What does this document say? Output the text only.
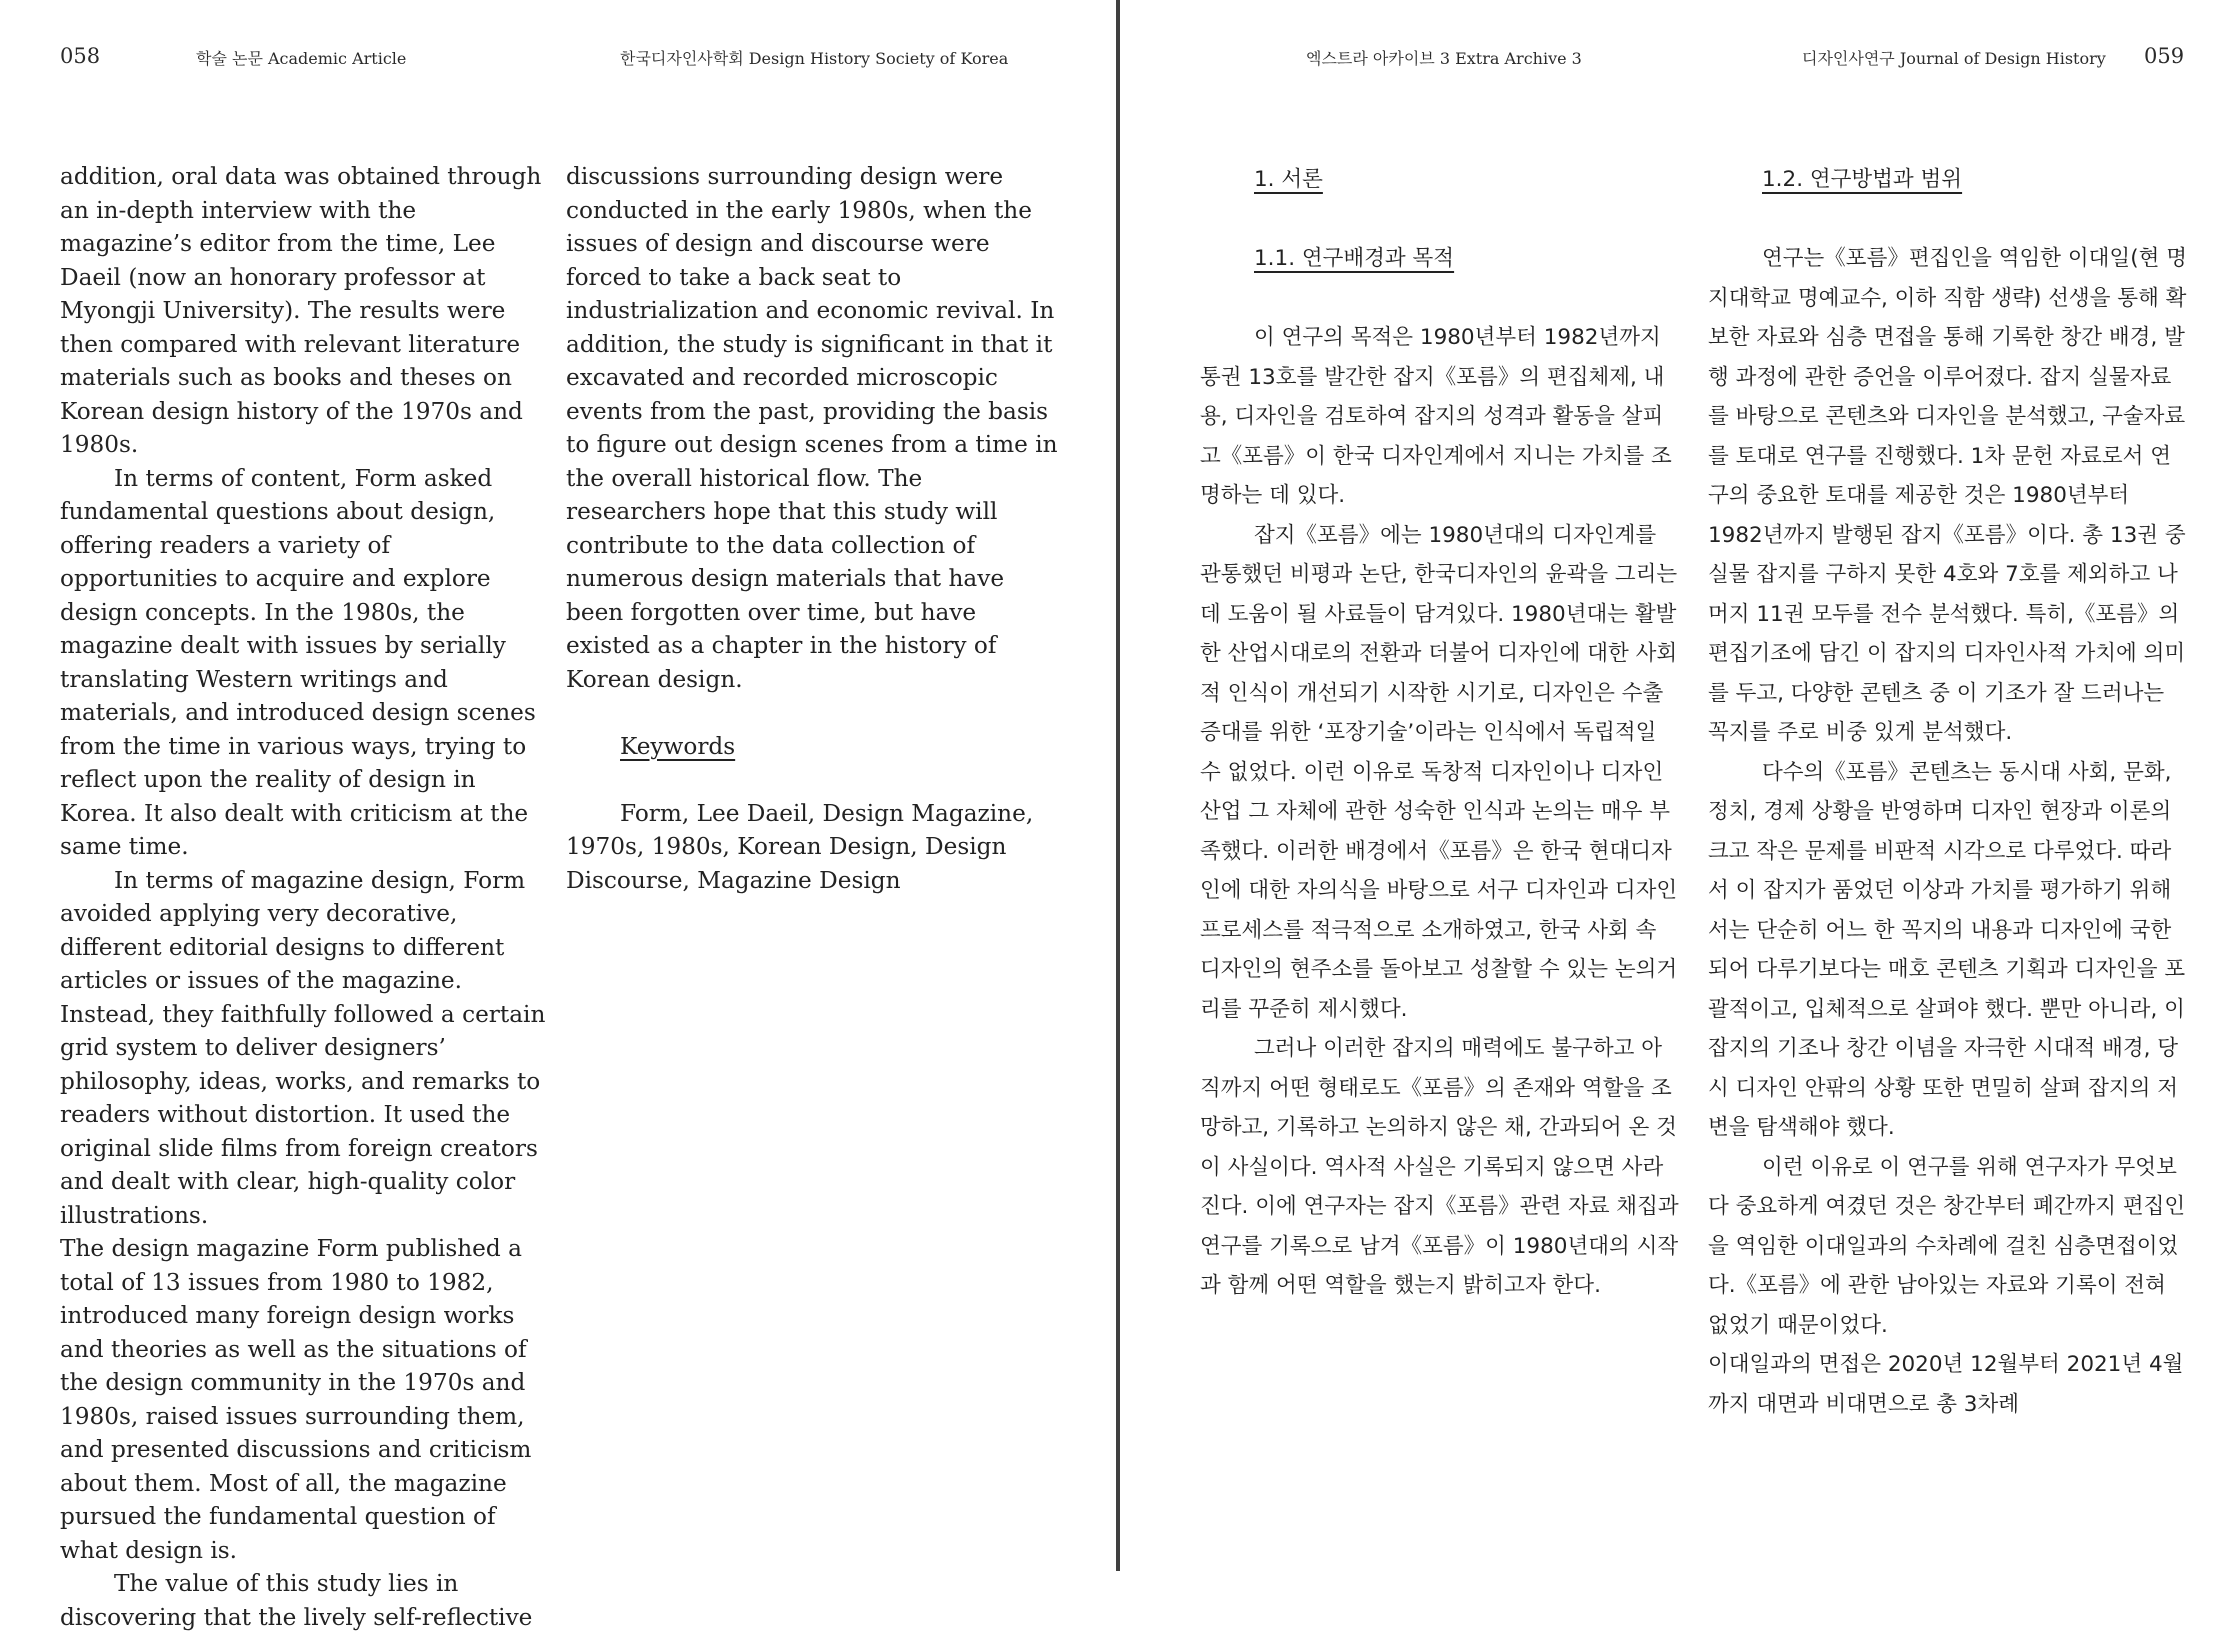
058	학술 논문 Academic Article	한국디자인사학회 Design History Society of Korea

addition, oral data was obtained through an in-depth interview with the magazine’s editor from the time, Lee Daeil (now an honorary professor at Myongji University). The results were then compared with relevant literature materials such as books and theses on Korean design history of the 1970s and 1980s.

In terms of content, Form asked fundamental questions about design, offering readers a variety of opportunities to acquire and explore design concepts. In the 1980s, the magazine dealt with issues by serially translating Western writings and materials, and introduced design scenes from the time in various ways, trying to reflect upon the reality of design in Korea. It also dealt with criticism at the same time.

In terms of magazine design, Form avoided applying very decorative, different editorial designs to different articles or issues of the magazine. Instead, they faithfully followed a certain grid system to deliver designers’ philosophy, ideas, works, and remarks to readers without distortion. It used the original slide films from foreign creators and dealt with clear, high-quality color illustrations.

The design magazine Form published a total of 13 issues from 1980 to 1982, introduced many foreign design works and theories as well as the situations of the design community in the 1970s and 1980s, raised issues surrounding them, and presented discussions and criticism about them. Most of all, the magazine pursued the fundamental question of what design is.

The value of this study lies in discovering that the lively self-reflective

discussions surrounding design were conducted in the early 1980s, when the issues of design and discourse were forced to take a back seat to industrialization and economic revival. In addition, the study is significant in that it excavated and recorded microscopic events from the past, providing the basis to figure out design scenes from a time in the overall historical flow. The researchers hope that this study will contribute to the data collection of numerous design materials that have been forgotten over time, but have existed as a chapter in the history of Korean design.

Keywords

Form, Lee Daeil, Design Magazine, 1970s, 1980s, Korean Design, Design Discourse, Magazine Design

엑스트라 아카이브 3 Extra Archive 3	디자인사연구 Journal of Design History 059

1. 서론

1.1. 연구배경과 목적

이 연구의 목적은 1980년부터 1982년까지 통권 13호를 발간한 잡지《포름》의 편집체제, 내용, 디자인을 검토하여 잡지의 성격과 활동을 살피고《포름》이 한국 디자인계에서 지니는 가치를 조명하는 데 있다.

잡지《포름》에는 1980년대의 디자인계를 관통했던 비평과 논단, 한국디자인의 윤곽을 그리는 데 도움이 될 사료들이 담겨있다. 1980년대는 활발한 산업시대로의 전환과 더불어 디자인에 대한 사회적 인식이 개선되기 시작한 시기로, 디자인은 수출 증대를 위한 ‘포장기술’이라는 인식에서 독립적일 수 없었다. 이런 이유로 독창적 디자인이나 디자인 산업 그 자체에 관한 성숙한 인식과 논의는 매우 부족했다. 이러한 배경에서《포름》은 한국 현대디자인에 대한 자의식을 바탕으로 서구 디자인과 디자인 프로세스를 적극적으로 소개하였고, 한국 사회 속 디자인의 현주소를 돌아보고 성찰할 수 있는 논의거리를 꾸준히 제시했다.

그러나 이러한 잡지의 매력에도 불구하고 아직까지 어떤 형태로도《포름》의 존재와 역할을 조망하고, 기록하고 논의하지 않은 채, 간과되어 온 것이 사실이다. 역사적 사실은 기록되지 않으면 사라진다. 이에 연구자는 잡지《포름》관련 자료 채집과 연구를 기록으로 남겨《포름》이 1980년대의 시작과 함께 어떤 역할을 했는지 밝히고자 한다.

1.2. 연구방법과 범위

연구는《포름》편집인을 역임한 이대일(현 명지대학교 명예교수, 이하 직함 생략) 선생을 통해 확보한 자료와 심층 면접을 통해 기록한 창간 배경, 발행 과정에 관한 증언을 이루어졌다. 잡지 실물자료를 바탕으로 콘텐츠와 디자인을 분석했고, 구술자료를 토대로 연구를 진행했다. 1차 문헌 자료로서 연구의 중요한 토대를 제공한 것은 1980년부터 1982년까지 발행된 잡지《포름》이다. 총 13권 중 실물 잡지를 구하지 못한 4호와 7호를 제외하고 나머지 11권 모두를 전수 분석했다. 특히,《포름》의 편집기조에 담긴 이 잡지의 디자인사적 가치에 의미를 두고, 다양한 콘텐츠 중 이 기조가 잘 드러나는 꼭지를 주로 비중 있게 분석했다.

다수의《포름》콘텐츠는 동시대 사회, 문화, 정치, 경제 상황을 반영하며 디자인 현장과 이론의 크고 작은 문제를 비판적 시각으로 다루었다. 따라서 이 잡지가 품었던 이상과 가치를 평가하기 위해서는 단순히 어느 한 꼭지의 내용과 디자인에 국한되어 다루기보다는 매호 콘텐츠 기획과 디자인을 포괄적이고, 입체적으로 살펴야 했다. 뿐만 아니라, 이 잡지의 기조나 창간 이념을 자극한 시대적 배경, 당시 디자인 안팎의 상황 또한 면밀히 살펴 잡지의 저변을 탐색해야 했다.

이런 이유로 이 연구를 위해 연구자가 무엇보다 중요하게 여겼던 것은 창간부터 폐간까지 편집인을 역임한 이대일과의 수차례에 걸친 심층면접이었다.《포름》에 관한 남아있는 자료와 기록이 전혀 없었기 때문이었다.

이대일과의 면접은 2020년 12월부터 2021년 4월까지 대면과 비대면으로 총 3차례
